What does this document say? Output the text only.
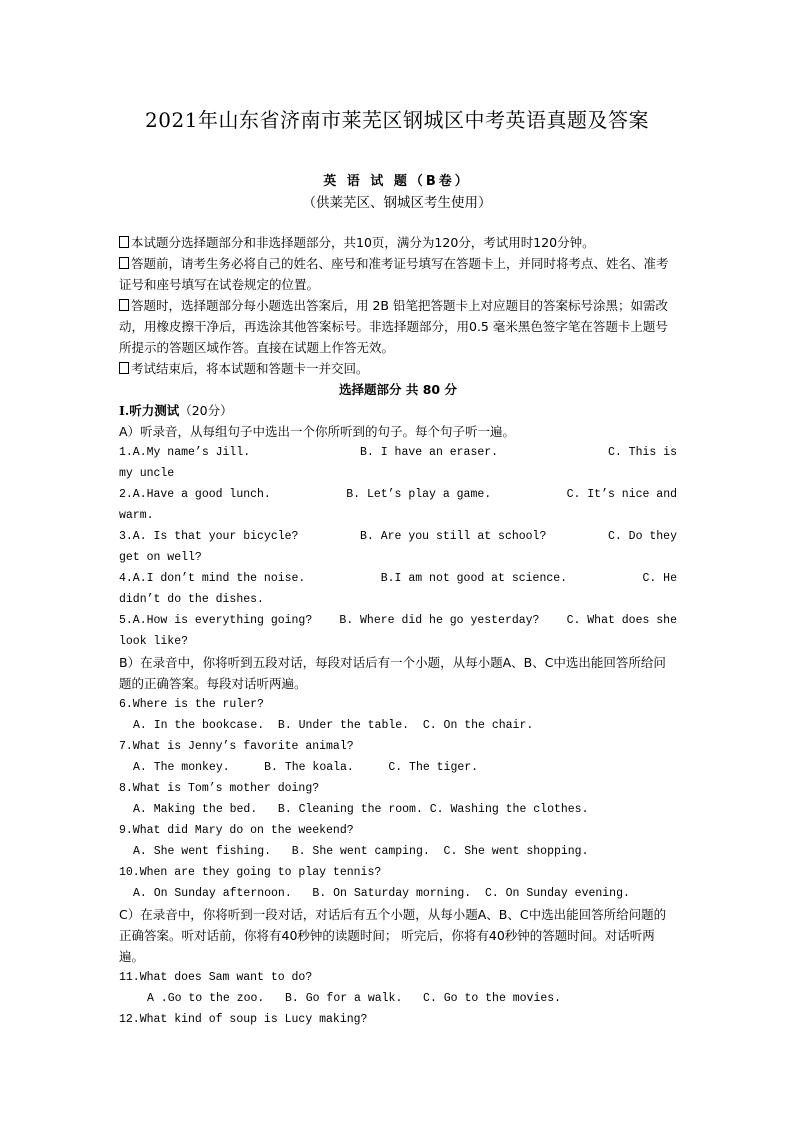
2021年山东省济南市莱芜区钢城区中考英语真题及答案
英 语 试 题（B卷）
（供莱芜区、钢城区考生使用）
本试题分选择题部分和非选择题部分，共10页，满分为120分，考试用时120分钟。
答题前，请考生务必将自己的姓名、座号和准考证号填写在答题卡上，并同时将考点、姓名、准考证号和座号填写在试卷规定的位置。
答题时，选择题部分每小题选出答案后，用 2B 铅笔把答题卡上对应题目的答案标号涂黑；如需改动，用橡皮擦干净后，再选涂其他答案标号。非选择题部分，用0.5 毫米黑色签字笔在答题卡上题号所提示的答题区域作答。直接在试题上作答无效。
考试结束后，将本试题和答题卡一并交回。
选择题部分 共 80 分
I.听力测试（20分）
A）听录音，从每组句子中选出一个你所听到的句子。每个句子听一遍。
1.A.My name’s Jill.	B. I have an eraser.	C. This is
my uncle
2.A.Have a good lunch.	B. Let’s play a game.	C. It’s nice and
warm.
3.A. Is that your bicycle?	B. Are you still at school?	C. Do they
get on well?
4.A.I don’t mind the noise.	B.I am not good at science.	C. He
didn’t do the dishes.
5.A.How is everything going? B. Where did he go yesterday? C. What does she
look like?
B）在录音中，你将听到五段对话，每段对话后有一个小题，从每小题A、B、C中选出能回答所给问题的正确答案。每段对话听两遍。
6.Where is the ruler?
A. In the bookcase.  B. Under the table.  C. On the chair.
7.What is Jenny’s favorite animal?
A. The monkey.     B. The koala.     C. The tiger.
8.What is Tom’s mother doing?
A. Making the bed.   B. Cleaning the room. C. Washing the clothes.
9.What did Mary do on the weekend?
A. She went fishing.   B. She went camping.  C. She went shopping.
10.When are they going to play tennis?
A. On Sunday afternoon.   B. On Saturday morning.  C. On Sunday evening.
C）在录音中，你将听到一段对话，对话后有五个小题，从每小题A、B、C中选出能回答所给问题的正确答案。听对话前，你将有40秒钟的读题时间； 听完后，你将有40秒钟的答题时间。对话听两遍。
11.What does Sam want to do?
A .Go to the zoo.   B. Go for a walk.   C. Go to the movies.
12.What kind of soup is Lucy making?
